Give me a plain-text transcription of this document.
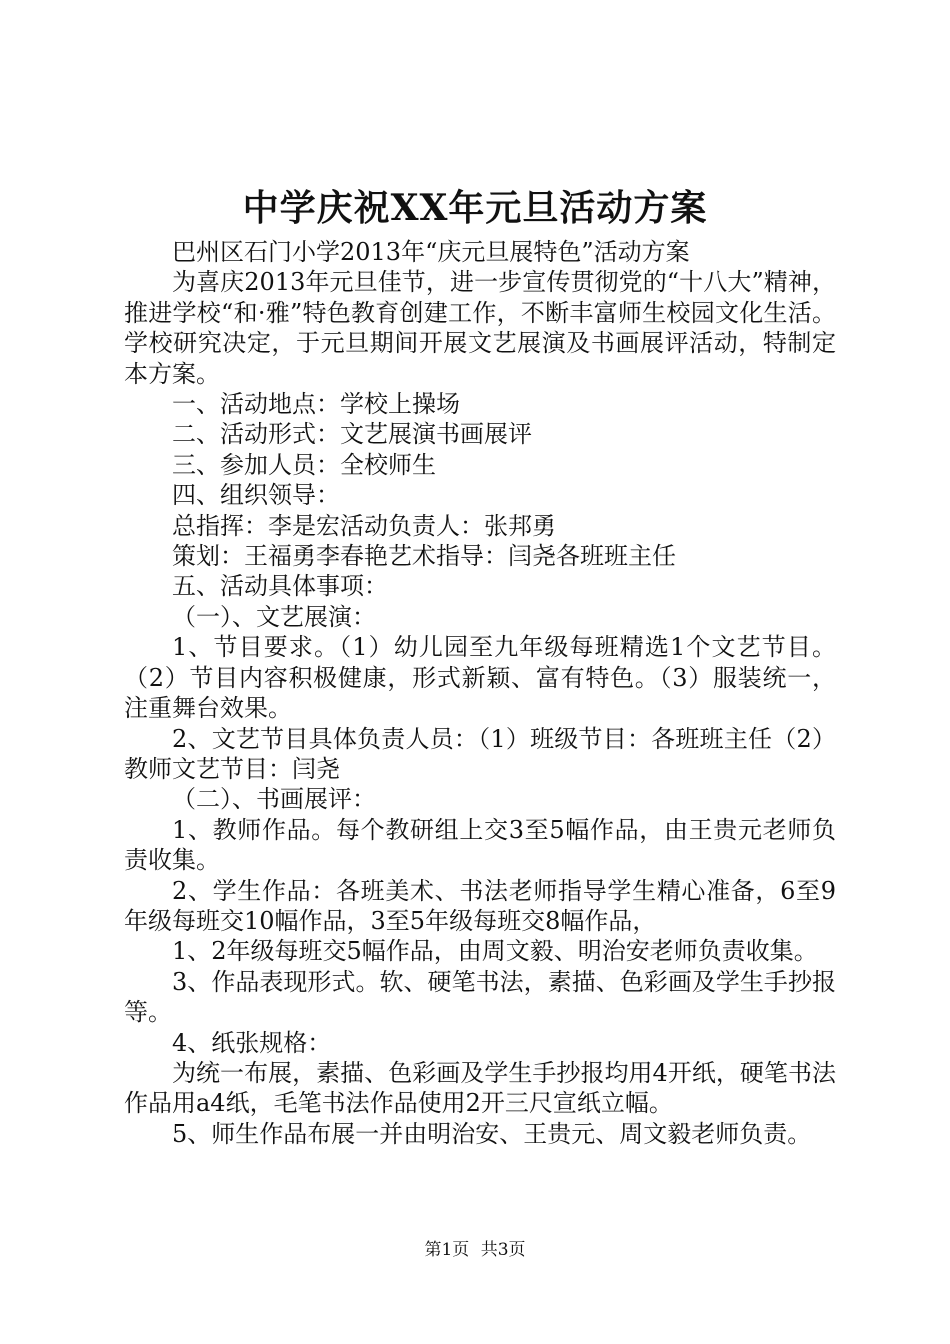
中学庆祝XX年元旦活动方案

巴州区石门小学2013年“庆元旦展特色”活动方案

为喜庆2013年元旦佳节，进一步宣传贯彻党的“十八大”精神，推进学校“和·雅”特色教育创建工作，不断丰富师生校园文化生活。学校研究决定，于元旦期间开展文艺展演及书画展评活动，特制定本方案。

一、活动地点：学校上操场

二、活动形式：文艺展演书画展评

三、参加人员：全校师生

四、组织领导：

总指挥：李是宏活动负责人：张邦勇

策划：王福勇李春艳艺术指导：闫尧各班班主任

五、活动具体事项：

（一）、文艺展演：

1、节目要求。（1）幼儿园至九年级每班精选1个文艺节目。（2）节目内容积极健康，形式新颖、富有特色。（3）服装统一，注重舞台效果。

2、文艺节目具体负责人员：（1）班级节目：各班班主任（2）教师文艺节目：闫尧

（二）、书画展评：

1、教师作品。每个教研组上交3至5幅作品，由王贵元老师负责收集。

2、学生作品：各班美术、书法老师指导学生精心准备，6至9年级每班交10幅作品，3至5年级每班交8幅作品，

1、2年级每班交5幅作品，由周文毅、明治安老师负责收集。

3、作品表现形式。软、硬笔书法，素描、色彩画及学生手抄报等。

4、纸张规格：

为统一布展，素描、色彩画及学生手抄报均用4开纸，硬笔书法作品用a4纸，毛笔书法作品使用2开三尺宣纸立幅。

5、师生作品布展一并由明治安、王贵元、周文毅老师负责。

第1页 共3页
